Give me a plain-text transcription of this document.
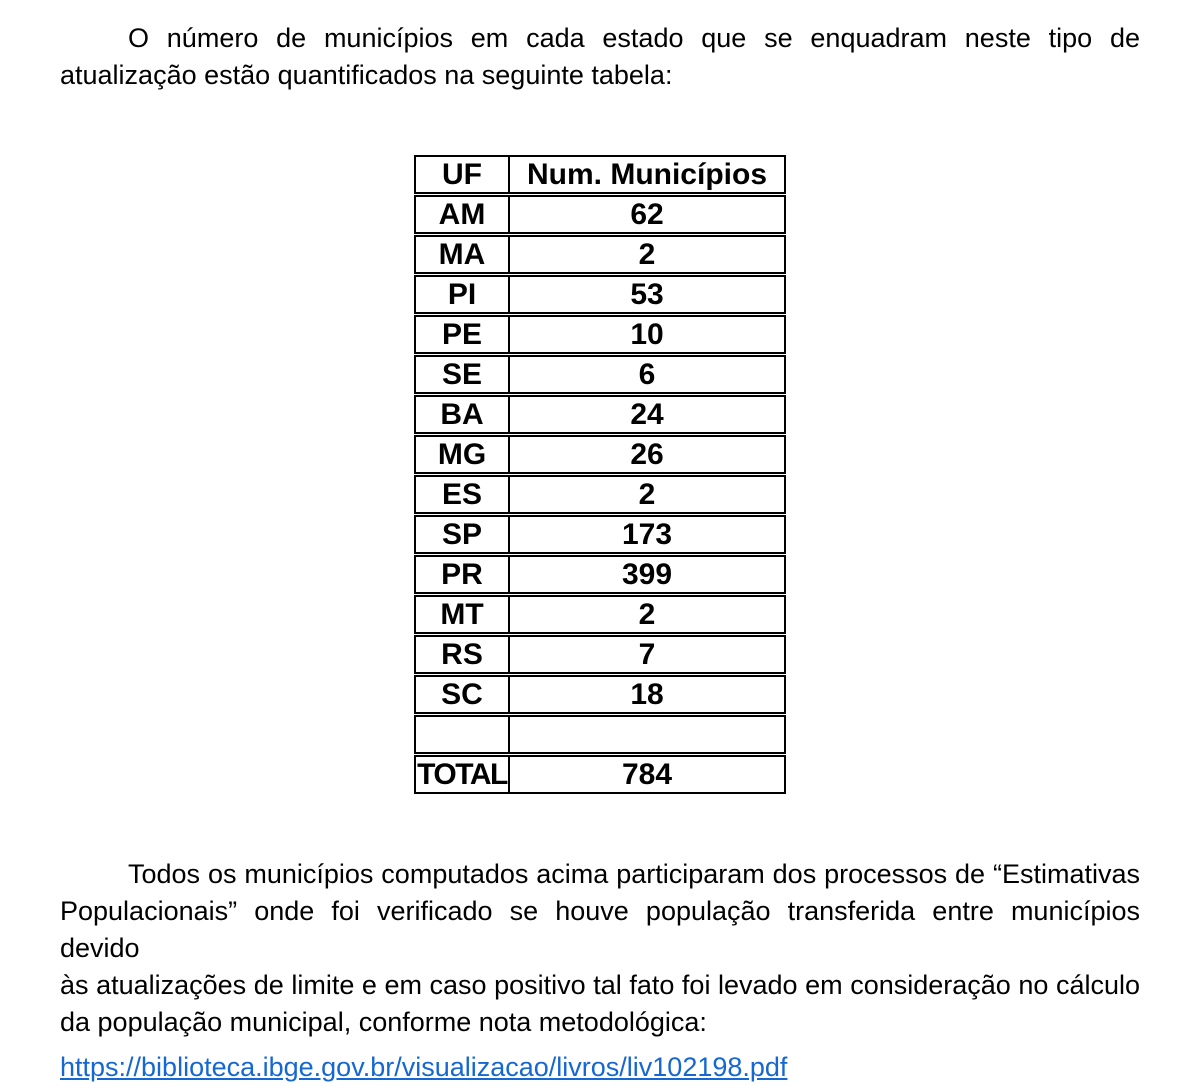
O número de municípios em cada estado que se enquadram neste tipo de
atualização estão quantificados na seguinte tabela:
UF	Num. Municípios
AM	62
MA	2
PI	53
PE	10
SE	6
BA	24
MG	26
ES	2
SP	173
PR	399
MT	2
RS	7
SC	18
TOTAL	784
Todos os municípios computados acima participaram dos processos de “Estimativas
Populacionais” onde foi verificado se houve população transferida entre municípios devido
às atualizações de limite e em caso positivo tal fato foi levado em consideração no cálculo
da população municipal, conforme nota metodológica:

https://biblioteca.ibge.gov.br/visualizacao/livros/liv102198.pdf
